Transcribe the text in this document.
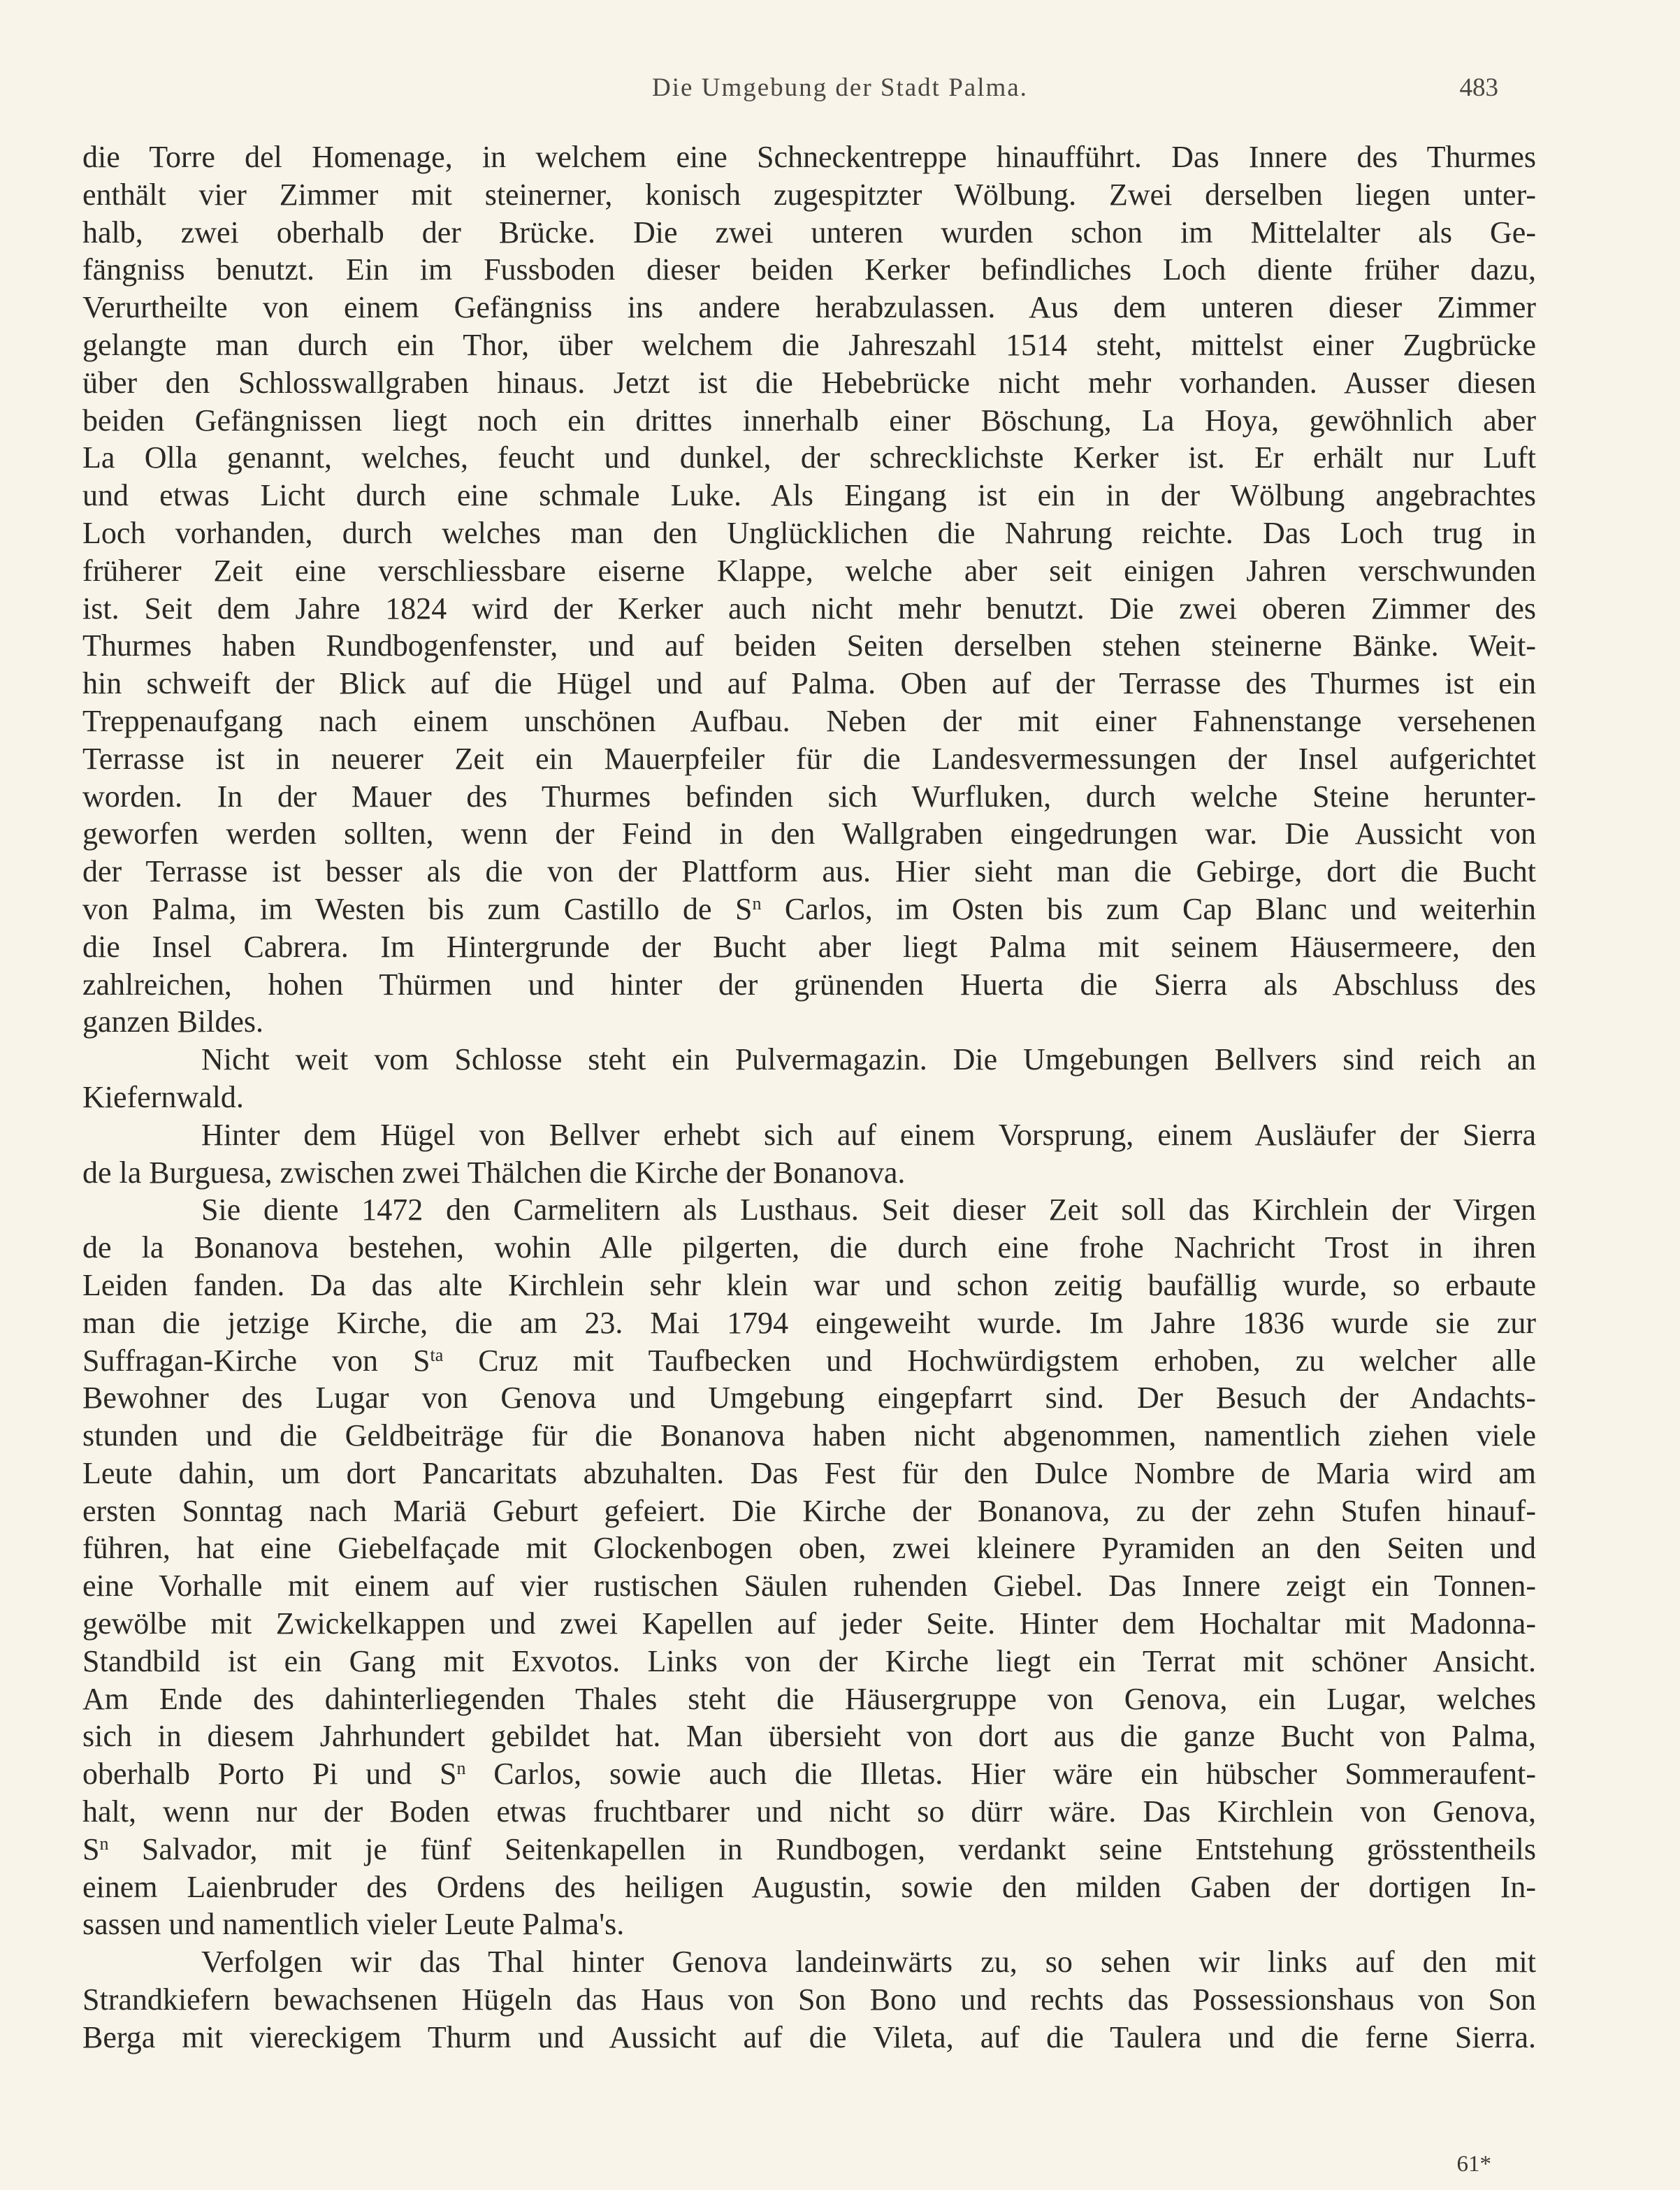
Die Umgebung der Stadt Palma.	483
die Torre del Homenage, in welchem eine Schneckentreppe hinaufführt. Das Innere des Thurmes
enthält vier Zimmer mit steinerner, konisch zugespitzter Wölbung. Zwei derselben liegen unter-
halb, zwei oberhalb der Brücke. Die zwei unteren wurden schon im Mittelalter als Ge-
fängniss benutzt. Ein im Fussboden dieser beiden Kerker befindliches Loch diente früher dazu,
Verurtheilte von einem Gefängniss ins andere herabzulassen. Aus dem unteren dieser Zimmer
gelangte man durch ein Thor, über welchem die Jahreszahl 1514 steht, mittelst einer Zugbrücke
über den Schlosswallgraben hinaus. Jetzt ist die Hebebrücke nicht mehr vorhanden. Ausser diesen
beiden Gefängnissen liegt noch ein drittes innerhalb einer Böschung, La Hoya, gewöhnlich aber
La Olla genannt, welches, feucht und dunkel, der schrecklichste Kerker ist. Er erhält nur Luft
und etwas Licht durch eine schmale Luke. Als Eingang ist ein in der Wölbung angebrachtes
Loch vorhanden, durch welches man den Unglücklichen die Nahrung reichte. Das Loch trug in
früherer Zeit eine verschliessbare eiserne Klappe, welche aber seit einigen Jahren verschwunden
ist. Seit dem Jahre 1824 wird der Kerker auch nicht mehr benutzt. Die zwei oberen Zimmer des
Thurmes haben Rundbogenfenster, und auf beiden Seiten derselben stehen steinerne Bänke. Weit-
hin schweift der Blick auf die Hügel und auf Palma. Oben auf der Terrasse des Thurmes ist ein
Treppenaufgang nach einem unschönen Aufbau. Neben der mit einer Fahnenstange versehenen
Terrasse ist in neuerer Zeit ein Mauerpfeiler für die Landesvermessungen der Insel aufgerichtet
worden. In der Mauer des Thurmes befinden sich Wurfluken, durch welche Steine herunter-
geworfen werden sollten, wenn der Feind in den Wallgraben eingedrungen war. Die Aussicht von
der Terrasse ist besser als die von der Plattform aus. Hier sieht man die Gebirge, dort die Bucht
von Palma, im Westen bis zum Castillo de $S^n$ Carlos, im Osten bis zum Cap Blanc und weiterhin
die Insel Cabrera. Im Hintergrunde der Bucht aber liegt Palma mit seinem Häusermeere, den
zahlreichen, hohen Thürmen und hinter der grünenden Huerta die Sierra als Abschluss des
ganzen Bildes.
Nicht weit vom Schlosse steht ein Pulvermagazin. Die Umgebungen Bellvers sind reich an
Kiefernwald.
Hinter dem Hügel von Bellver erhebt sich auf einem Vorsprung, einem Ausläufer der Sierra
de la Burguesa, zwischen zwei Thälchen die Kirche der Bonanova.
Sie diente 1472 den Carmelitern als Lusthaus. Seit dieser Zeit soll das Kirchlein der Virgen
de la Bonanova bestehen, wohin Alle pilgerten, die durch eine frohe Nachricht Trost in ihren
Leiden fanden. Da das alte Kirchlein sehr klein war und schon zeitig baufällig wurde, so erbaute
man die jetzige Kirche, die am 23. Mai 1794 eingeweiht wurde. Im Jahre 1836 wurde sie zur
Suffragan-Kirche von $S^{ta}$ Cruz mit Taufbecken und Hochwürdigstem erhoben, zu welcher alle
Bewohner des Lugar von Genova und Umgebung eingepfarrt sind. Der Besuch der Andachts-
stunden und die Geldbeiträge für die Bonanova haben nicht abgenommen, namentlich ziehen viele
Leute dahin, um dort Pancaritats abzuhalten. Das Fest für den Dulce Nombre de Maria wird am
ersten Sonntag nach Mariä Geburt gefeiert. Die Kirche der Bonanova, zu der zehn Stufen hinauf-
führen, hat eine Giebelfaçade mit Glockenbogen oben, zwei kleinere Pyramiden an den Seiten und
eine Vorhalle mit einem auf vier rustischen Säulen ruhenden Giebel. Das Innere zeigt ein Tonnen-
gewölbe mit Zwickelkappen und zwei Kapellen auf jeder Seite. Hinter dem Hochaltar mit Madonna-
Standbild ist ein Gang mit Exvotos. Links von der Kirche liegt ein Terrat mit schöner Ansicht.
Am Ende des dahinterliegenden Thales steht die Häusergruppe von Genova, ein Lugar, welches
sich in diesem Jahrhundert gebildet hat. Man übersieht von dort aus die ganze Bucht von Palma,
oberhalb Porto Pi und $S^n$ Carlos, sowie auch die Illetas. Hier wäre ein hübscher Sommeraufent-
halt, wenn nur der Boden etwas fruchtbarer und nicht so dürr wäre. Das Kirchlein von Genova,
$S^n$ Salvador, mit je fünf Seitenkapellen in Rundbogen, verdankt seine Entstehung grösstentheils
einem Laienbruder des Ordens des heiligen Augustin, sowie den milden Gaben der dortigen In-
sassen und namentlich vieler Leute Palma's.
Verfolgen wir das Thal hinter Genova landeinwärts zu, so sehen wir links auf den mit
Strandkiefern bewachsenen Hügeln das Haus von Son Bono und rechts das Possessionshaus von Son
Berga mit viereckigem Thurm und Aussicht auf die Vileta, auf die Taulera und die ferne Sierra.
61*
